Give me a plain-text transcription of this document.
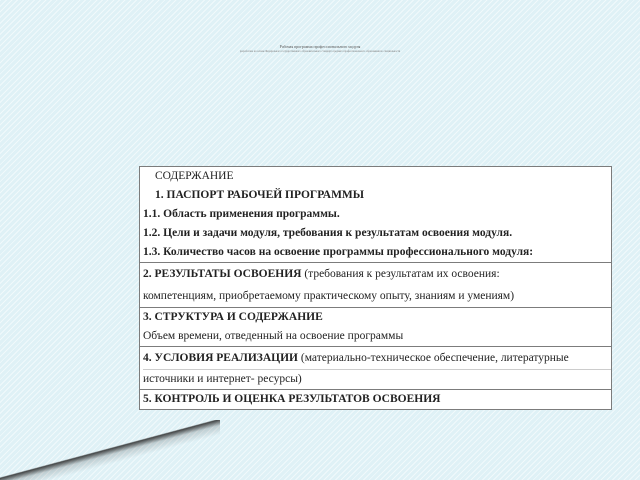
Рабочая программа профессионального модуля
разработана на основе Федерального государственного образовательного стандарта среднего профессионального образования по специальности
СОДЕРЖАНИЕ
1. ПАСПОРТ РАБОЧЕЙ ПРОГРАММЫ
1.1. Область применения программы.
1.2. Цели и задачи модуля, требования к результатам освоения модуля.
1.3. Количество часов на освоение программы профессионального модуля:

2. РЕЗУЛЬТАТЫ ОСВОЕНИЯ (требования к результатам их освоения:
компетенциям, приобретаемому практическому опыту, знаниям и умениям)

3. СТРУКТУРА И СОДЕРЖАНИЕ
Объем времени, отведенный на освоение программы

4. УСЛОВИЯ РЕАЛИЗАЦИИ (материально-техническое обеспечение, литературные
источники и интернет- ресурсы)

5. КОНТРОЛЬ И ОЦЕНКА РЕЗУЛЬТАТОВ ОСВОЕНИЯ
